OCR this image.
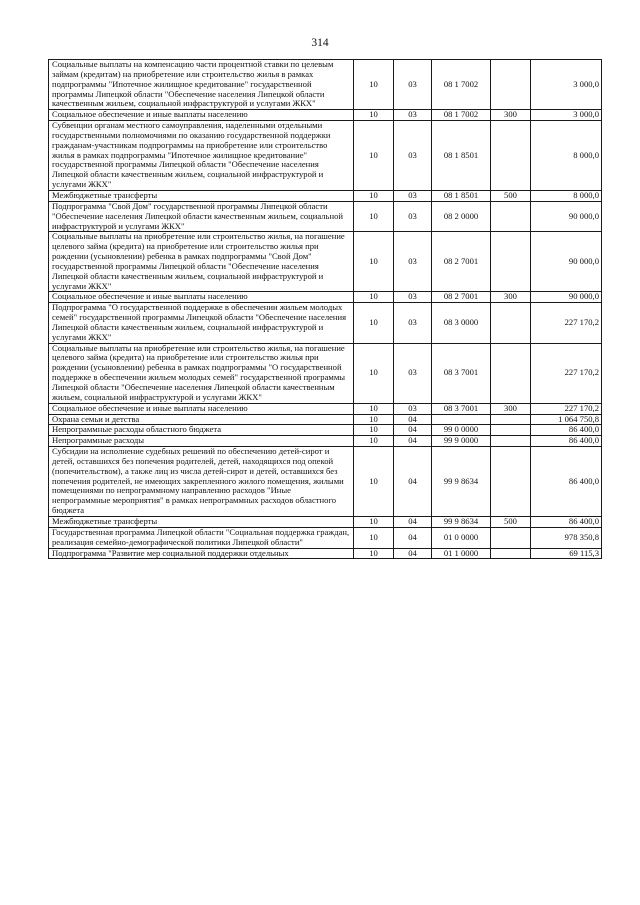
314
Социальные выплаты на компенсацию части процентной ставки по целевым займам (кредитам) на приобретение или строительство жилья в рамках подпрограммы "Ипотечное жилищное кредитование" государственной программы Липецкой области "Обеспечение населения Липецкой области качественным жильем, социальной инфраструктурой и услугами ЖКХ"	10	03	08 1 7002		3 000,0
Социальное обеспечение и иные выплаты населению	10	03	08 1 7002	300	3 000,0
Субвенции органам местного самоуправления, наделенными отдельными государственными полномочиями по оказанию государственной поддержки гражданам-участникам подпрограммы на приобретение или строительство жилья в рамках подпрограммы "Ипотечное жилищное кредитование" государственной программы Липецкой области "Обеспечение населения Липецкой области качественным жильем, социальной инфраструктурой и услугами ЖКХ"	10	03	08 1 8501		8 000,0
Межбюджетные трансферты	10	03	08 1 8501	500	8 000,0
Подпрограмма "Свой Дом" государственной программы Липецкой области "Обеспечение населения Липецкой области качественным жильем, социальной инфраструктурой и услугами ЖКХ"	10	03	08 2 0000		90 000,0
Социальные выплаты на приобретение или строительство жилья, на погашение целевого займа (кредита) на приобретение или строительство жилья при рождении (усыновлении) ребенка в рамках подпрограммы "Свой Дом" государственной программы Липецкой области "Обеспечение населения Липецкой области качественным жильем, социальной инфраструктурой и услугами ЖКХ"	10	03	08 2 7001		90 000,0
Социальное обеспечение и иные выплаты населению	10	03	08 2 7001	300	90 000,0
Подпрограмма "О государственной поддержке в обеспечении жильем молодых семей" государственной программы Липецкой области "Обеспечение населения Липецкой области качественным жильем, социальной инфраструктурой и услугами ЖКХ"	10	03	08 3 0000		227 170,2
Социальные выплаты на приобретение или строительство жилья, на погашение целевого займа (кредита) на приобретение или строительство жилья при рождении (усыновлении) ребенка в рамках подпрограммы "О государственной поддержке в обеспечении жильем молодых семей" государственной программы Липецкой области "Обеспечение населения Липецкой области качественным жильем, социальной инфраструктурой и услугами ЖКХ"	10	03	08 3 7001		227 170,2
Социальное обеспечение и иные выплаты населению	10	03	08 3 7001	300	227 170,2
Охрана семьи и детства	10	04			1 064 750,8
Непрограммные расходы областного бюджета	10	04	99 0 0000		86 400,0
Непрограммные расходы	10	04	99 9 0000		86 400,0
Субсидии на исполнение судебных решений по обеспечению детей-сирот и детей, оставшихся без попечения родителей, детей, находящихся под опекой (попечительством), а также лиц из числа детей-сирот и детей, оставшихся без попечения родителей, не имеющих закрепленного жилого помещения, жилыми помещениями по непрограммному направлению расходов "Иные непрограммные мероприятия" в рамках непрограммных расходов областного бюджета	10	04	99 9 8634		86 400,0
Межбюджетные трансферты	10	04	99 9 8634	500	86 400,0
Государственная программа Липецкой области "Социальная поддержка граждан, реализация семейно-демографической политики Липецкой области"	10	04	01 0 0000		978 350,8
Подпрограмма "Развитие мер социальной поддержки отдельных	10	04	01 1 0000		69 115,3
